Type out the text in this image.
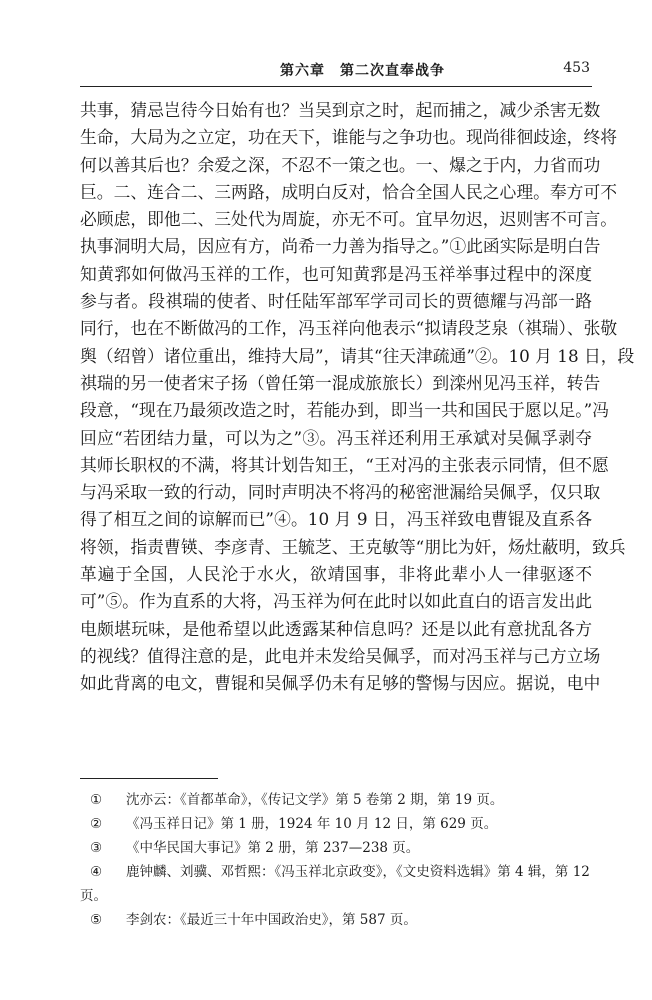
第六章　第二次直奉战争	453
共事，猜忌岂待今日始有也？当吴到京之时，起而捕之，减少杀害无数
生命，大局为之立定，功在天下，谁能与之争功也。现尚徘徊歧途，终将
何以善其后也？余爱之深，不忍不一策之也。一、爆之于内，力省而功
巨。二、连合二、三两路，成明白反对，恰合全国人民之心理。奉方可不
必顾虑，即他二、三处代为周旋，亦无不可。宜早勿迟，迟则害不可言。
执事洞明大局，因应有方，尚希一力善为指导之。”①此函实际是明白告
知黄郛如何做冯玉祥的工作，也可知黄郛是冯玉祥举事过程中的深度
参与者。段祺瑞的使者、时任陆军部军学司司长的贾德耀与冯部一路
同行，也在不断做冯的工作，冯玉祥向他表示“拟请段芝泉（祺瑞）、张敬
舆（绍曾）诸位重出，维持大局”，请其“往天津疏通”②。10 月 18 日，段
祺瑞的另一使者宋子扬（曾任第一混成旅旅长）到滦州见冯玉祥，转告
段意，“现在乃最须改造之时，若能办到，即当一共和国民于愿以足。”冯
回应“若团结力量，可以为之”③。冯玉祥还利用王承斌对吴佩孚剥夺
其师长职权的不满，将其计划告知王，“王对冯的主张表示同情，但不愿
与冯采取一致的行动，同时声明决不将冯的秘密泄漏给吴佩孚，仅只取
得了相互之间的谅解而已”④。10 月 9 日，冯玉祥致电曹锟及直系各
将领，指责曹锳、李彦青、王毓芝、王克敏等“朋比为奸，炀灶蔽明，致兵
革遍于全国，人民沦于水火，欲靖国事，非将此辈小人一律驱逐不
可”⑤。作为直系的大将，冯玉祥为何在此时以如此直白的语言发出此
电颇堪玩味，是他希望以此透露某种信息吗？还是以此有意扰乱各方
的视线？值得注意的是，此电并未发给吴佩孚，而对冯玉祥与己方立场
如此背离的电文，曹锟和吴佩孚仍未有足够的警惕与因应。据说，电中
① 沈亦云：《首都革命》，《传记文学》第 5 卷第 2 期，第 19 页。
② 《冯玉祥日记》第 1 册，1924 年 10 月 12 日，第 629 页。
③ 《中华民国大事记》第 2 册，第 237—238 页。
④ 鹿钟麟、刘骥、邓哲熙：《冯玉祥北京政变》，《文史资料选辑》第 4 辑，第 12
页。
⑤ 李剑农：《最近三十年中国政治史》，第 587 页。
